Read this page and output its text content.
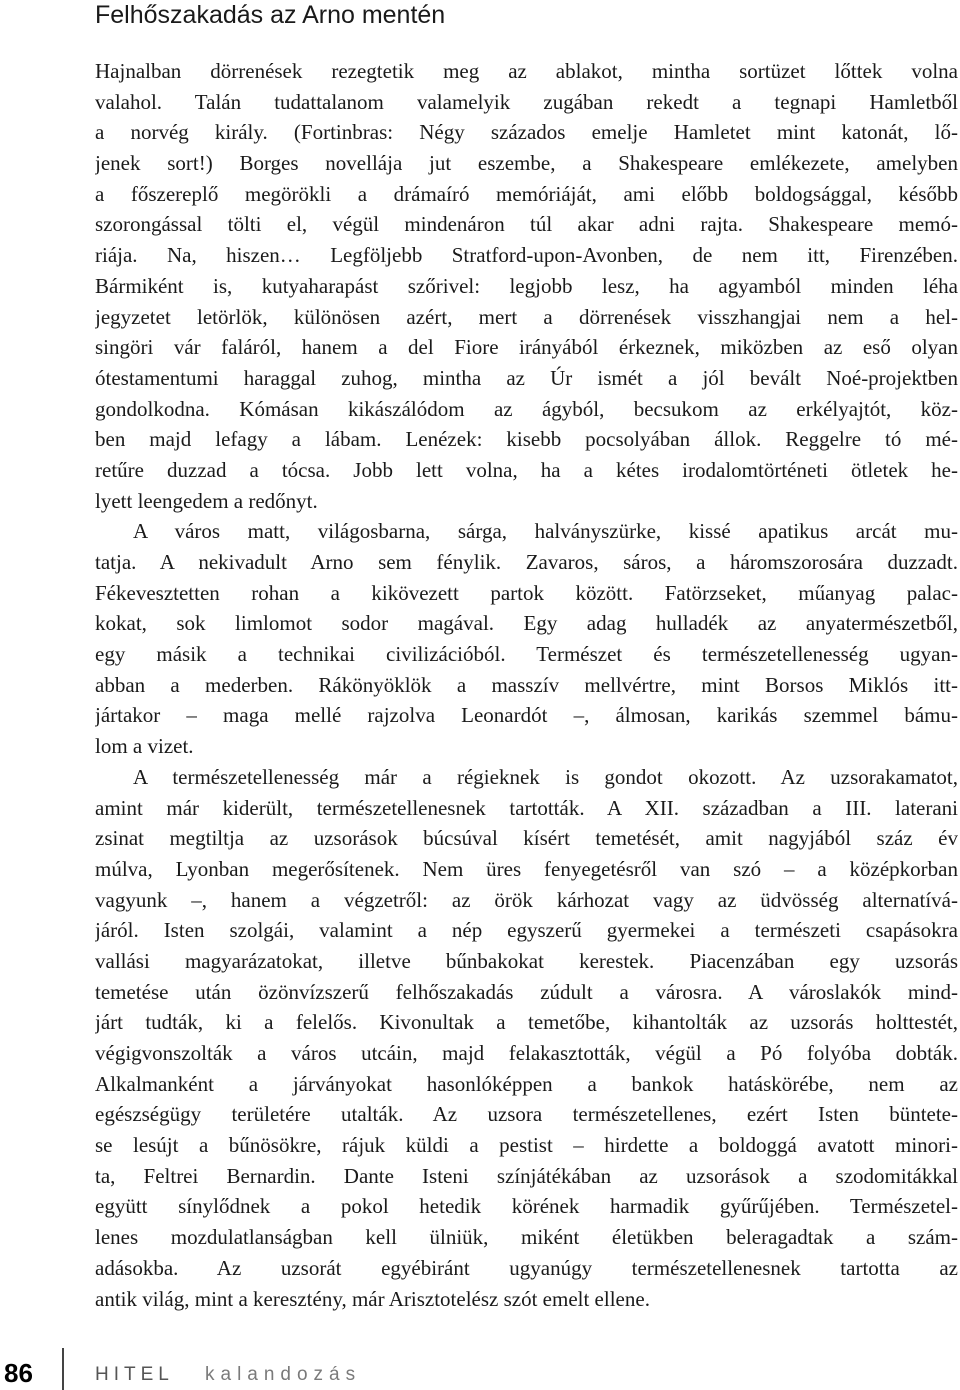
Felhőszakadás az Arno mentén
Hajnalban dörrenések rezegtetik meg az ablakot, mintha sortüzet lőttek volna
valahol. Talán tudattalanom valamelyik zugában rekedt a tegnapi Hamletből
a norvég király. (Fortinbras: Négy százados emelje Hamletet mint katonát, lő-
jenek sort!) Borges novellája jut eszembe, a Shakespeare emlékezete, amelyben
a főszereplő megörökli a drámaíró memóriáját, ami előbb boldogsággal, később
szorongással tölti el, végül mindenáron túl akar adni rajta. Shakespeare memó-
riája. Na, hiszen… Legföljebb Stratford-upon-Avonben, de nem itt, Firenzében.
Bármiként is, kutyaharapást szőrivel: legjobb lesz, ha agyamból minden léha
jegyzetet letörlök, különösen azért, mert a dörrenések visszhangjai nem a hel-
singöri vár faláról, hanem a del Fiore irányából érkeznek, miközben az eső olyan
ótestamentumi haraggal zuhog, mintha az Úr ismét a jól bevált Noé-projektben
gondolkodna. Kómásan kikászálódom az ágyból, becsukom az erkélyajtót, köz-
ben majd lefagy a lábam. Lenézek: kisebb pocsolyában állok. Reggelre tó mé-
retűre duzzad a tócsa. Jobb lett volna, ha a kétes irodalomtörténeti ötletek he-
lyett leengedem a redőnyt.
A város matt, világosbarna, sárga, halványszürke, kissé apatikus arcát mu-
tatja. A nekivadult Arno sem fénylik. Zavaros, sáros, a háromszorosára duzzadt.
Fékevesztetten rohan a kikövezett partok között. Fatörzseket, műanyag palac-
kokat, sok limlomot sodor magával. Egy adag hulladék az anyatermészetből,
egy másik a technikai civilizációból. Természet és természetellenesség ugyan-
abban a mederben. Rákönyöklök a masszív mellvértre, mint Borsos Miklós itt-
jártakor – maga mellé rajzolva Leonardót –, álmosan, karikás szemmel bámu-
lom a vizet.
A természetellenesség már a régieknek is gondot okozott. Az uzsorakamatot,
amint már kiderült, természetellenesnek tartották. A XII. században a III. laterani
zsinat megtiltja az uzsorások búcsúval kísért temetését, amit nagyjából száz év
múlva, Lyonban megerősítenek. Nem üres fenyegetésről van szó – a középkorban
vagyunk –, hanem a végzetről: az örök kárhozat vagy az üdvösség alternatívá-
járól. Isten szolgái, valamint a nép egyszerű gyermekei a természeti csapásokra
vallási magyarázatokat, illetve bűnbakokat kerestek. Piacenzában egy uzsorás
temetése után özönvízszerű felhőszakadás zúdult a városra. A városlakók mind-
járt tudták, ki a felelős. Kivonultak a temetőbe, kihantolták az uzsorás holttestét,
végigvonszolták a város utcáin, majd felakasztották, végül a Pó folyóba dobták.
Alkalmanként a járványokat hasonlóképpen a bankok hatáskörébe, nem az
egészségügy területére utalták. Az uzsora természetellenes, ezért Isten büntete-
se lesújt a bűnösökre, rájuk küldi a pestist – hirdette a boldoggá avatott minori-
ta, Feltrei Bernardin. Dante Isteni színjátékában az uzsorások a szodomitákkal
együtt sínylődnek a pokol hetedik körének harmadik gyűrűjében. Természetel-
lenes mozdulatlanságban kell ülniük, miként életükben beleragadtak a szám-
adásokba. Az uzsorát egyébiránt ugyanúgy természetellenesnek tartotta az
antik világ, mint a keresztény, már Arisztotelész szót emelt ellene.
86	HITEL kalandozás
